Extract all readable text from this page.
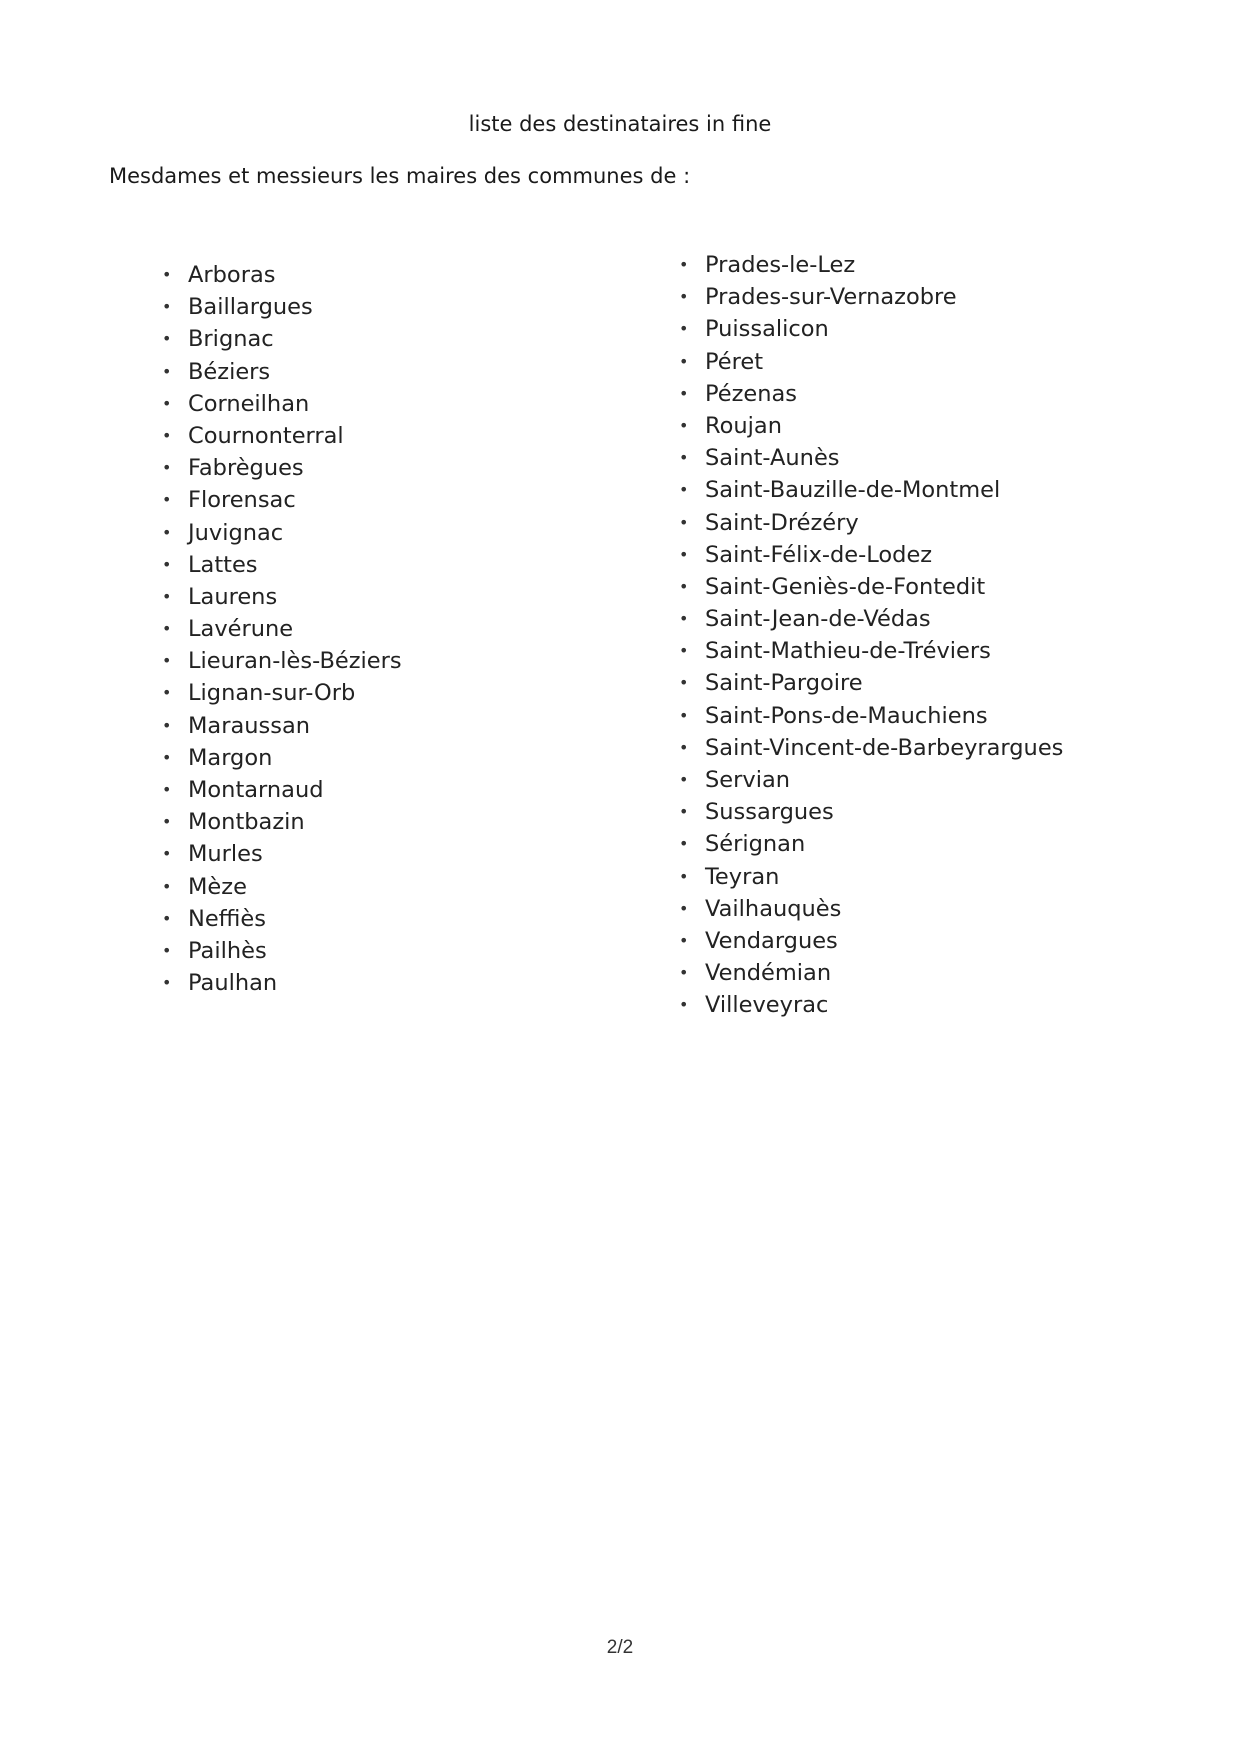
liste des destinataires in fine

Mesdames et messieurs les maires des communes de :

• Arboras
• Baillargues
• Brignac
• Béziers
• Corneilhan
• Cournonterral
• Fabrègues
• Florensac
• Juvignac
• Lattes
• Laurens
• Lavérune
• Lieuran-lès-Béziers
• Lignan-sur-Orb
• Maraussan
• Margon
• Montarnaud
• Montbazin
• Murles
• Mèze
• Neffiès
• Pailhès
• Paulhan
• Prades-le-Lez
• Prades-sur-Vernazobre
• Puissalicon
• Péret
• Pézenas
• Roujan
• Saint-Aunès
• Saint-Bauzille-de-Montmel
• Saint-Drézéry
• Saint-Félix-de-Lodez
• Saint-Geniès-de-Fontedit
• Saint-Jean-de-Védas
• Saint-Mathieu-de-Tréviers
• Saint-Pargoire
• Saint-Pons-de-Mauchiens
• Saint-Vincent-de-Barbeyrargues
• Servian
• Sussargues
• Sérignan
• Teyran
• Vailhauquès
• Vendargues
• Vendémian
• Villeveyrac
2/2
